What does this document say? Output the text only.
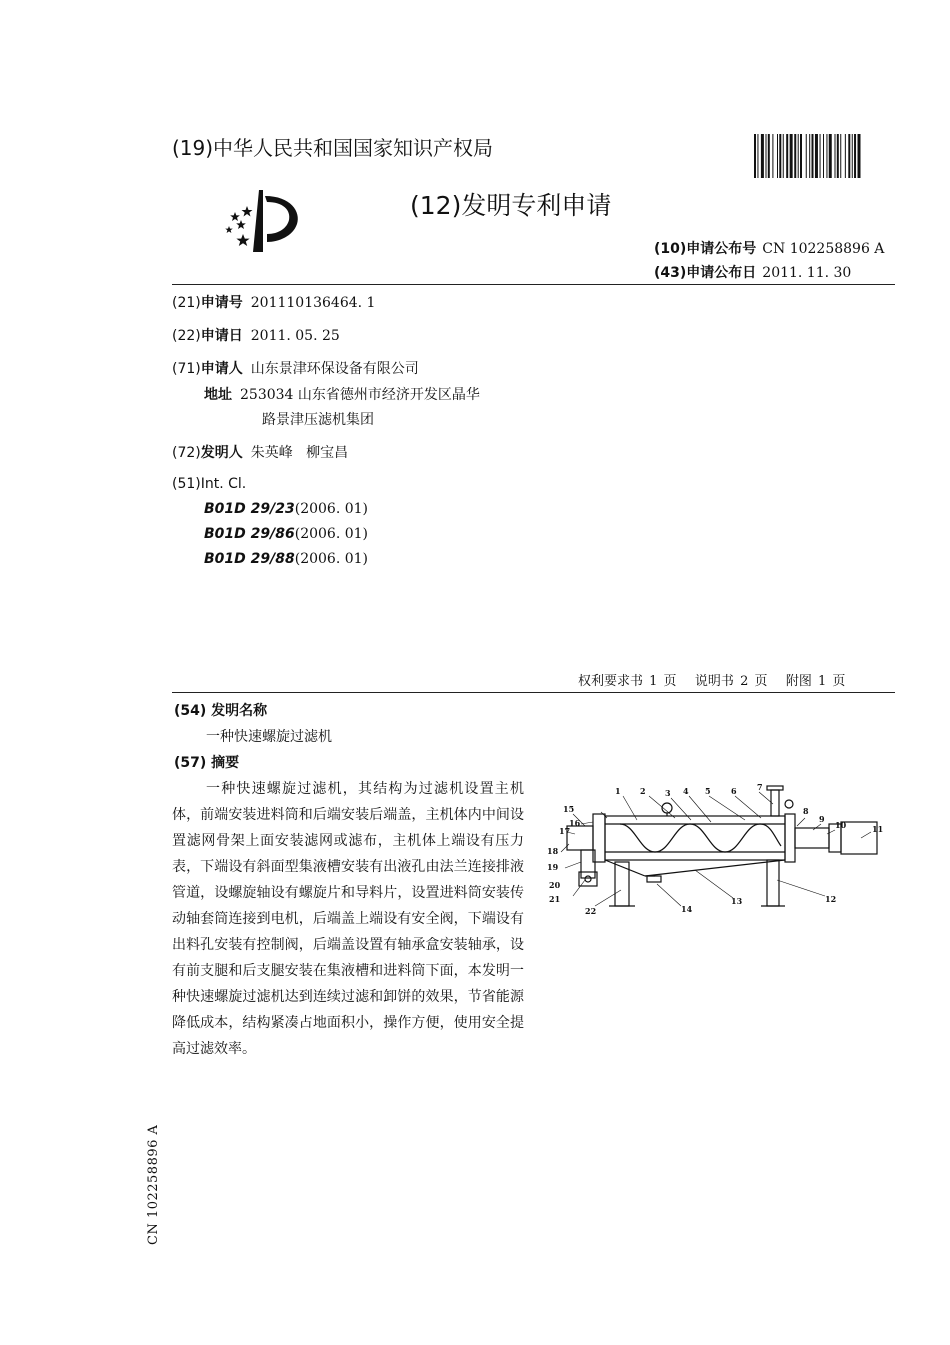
(19)中华人民共和国国家知识产权局
(12)发明专利申请
(10)申请公布号 CN 102258896 A
(43)申请公布日 2011. 11. 30
(21)申请号 201110136464. 1
(22)申请日 2011. 05. 25
(71)申请人 山东景津环保设备有限公司
地址 253034 山东省德州市经济开发区晶华
路景津压滤机集团
(72)发明人 朱英峰   柳宝昌
(51)Int. Cl.
B01D 29/23(2006. 01)
B01D 29/86(2006. 01)
B01D 29/88(2006. 01)
权利要求书 1 页   说明书 2 页   附图 1 页
(54) 发明名称
一种快速螺旋过滤机
(57) 摘要

一种快速螺旋过滤机，其结构为过滤机设置主机体，前端安装进料筒和后端安装后端盖，主机体内中间设置滤网骨架上面安装滤网或滤布，主机体上端设有压力表，下端设有斜面型集液槽安装有出液孔由法兰连接排液管道，设螺旋轴设有螺旋片和导料片，设置进料筒安装传动轴套筒连接到电机，后端盖上端设有安全阀，下端设有出料孔安装有控制阀，后端盖设置有轴承盒安装轴承，设有前支腿和后支腿安装在集液槽和进料筒下面，本发明一种快速螺旋过滤机达到连续过滤和卸饼的效果，节省能源降低成本，结构紧凑占地面积小，操作方便，使用安全提高过滤效率。

15
1 2 3 4 5	6	7
8
9
10	11
12
13
14
16
17
18
19
20
21
22
CN 102258896 A
